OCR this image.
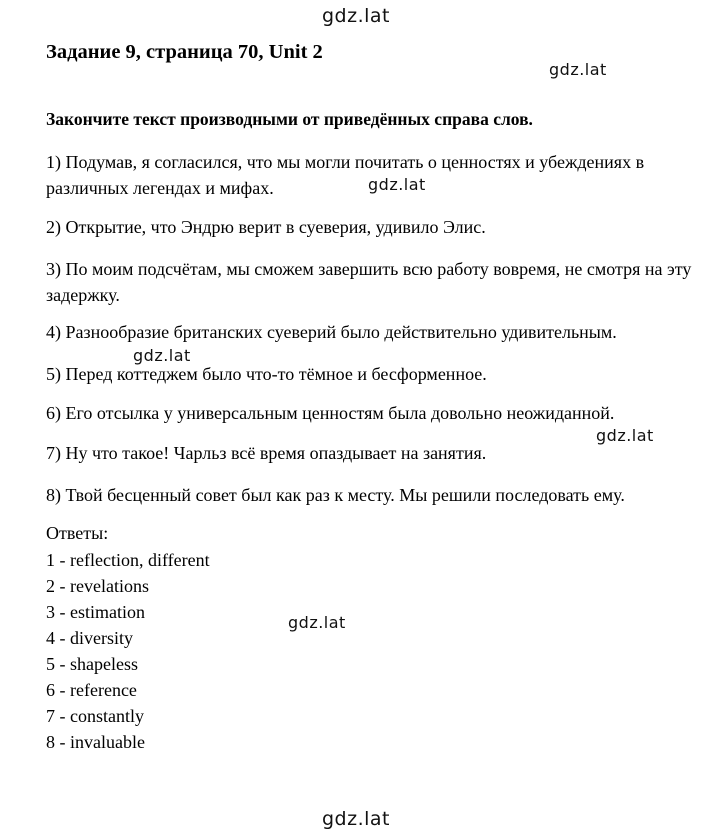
gdz.lat
Задание 9, страница 70, Unit 2
gdz.lat
Закончите текст производными от приведённых справа слов.
1) Подумав, я согласился, что мы могли почитать о ценностях и убеждениях в различных легендах и мифах.	gdz.lat
2) Открытие, что Эндрю верит в суеверия, удивило Элис.
3) По моим подсчётам, мы сможем завершить всю работу вовремя, не смотря на эту задержку.
4) Разнообразие британских суеверий было действительно удивительным.
gdz.lat
5) Перед коттеджем было что-то тёмное и бесформенное.
6) Его отсылка у универсальным ценностям была довольно неожиданной.
gdz.lat
7) Ну что такое! Чарльз всё время опаздывает на занятия.
8) Твой бесценный совет был как раз к месту. Мы решили последовать ему.
Ответы:
1 - reflection, different
2 - revelations
3 - estimation
4 - diversity
5 - shapeless
6 - reference
7 - constantly
8 - invaluable
gdz.lat
gdz.lat
